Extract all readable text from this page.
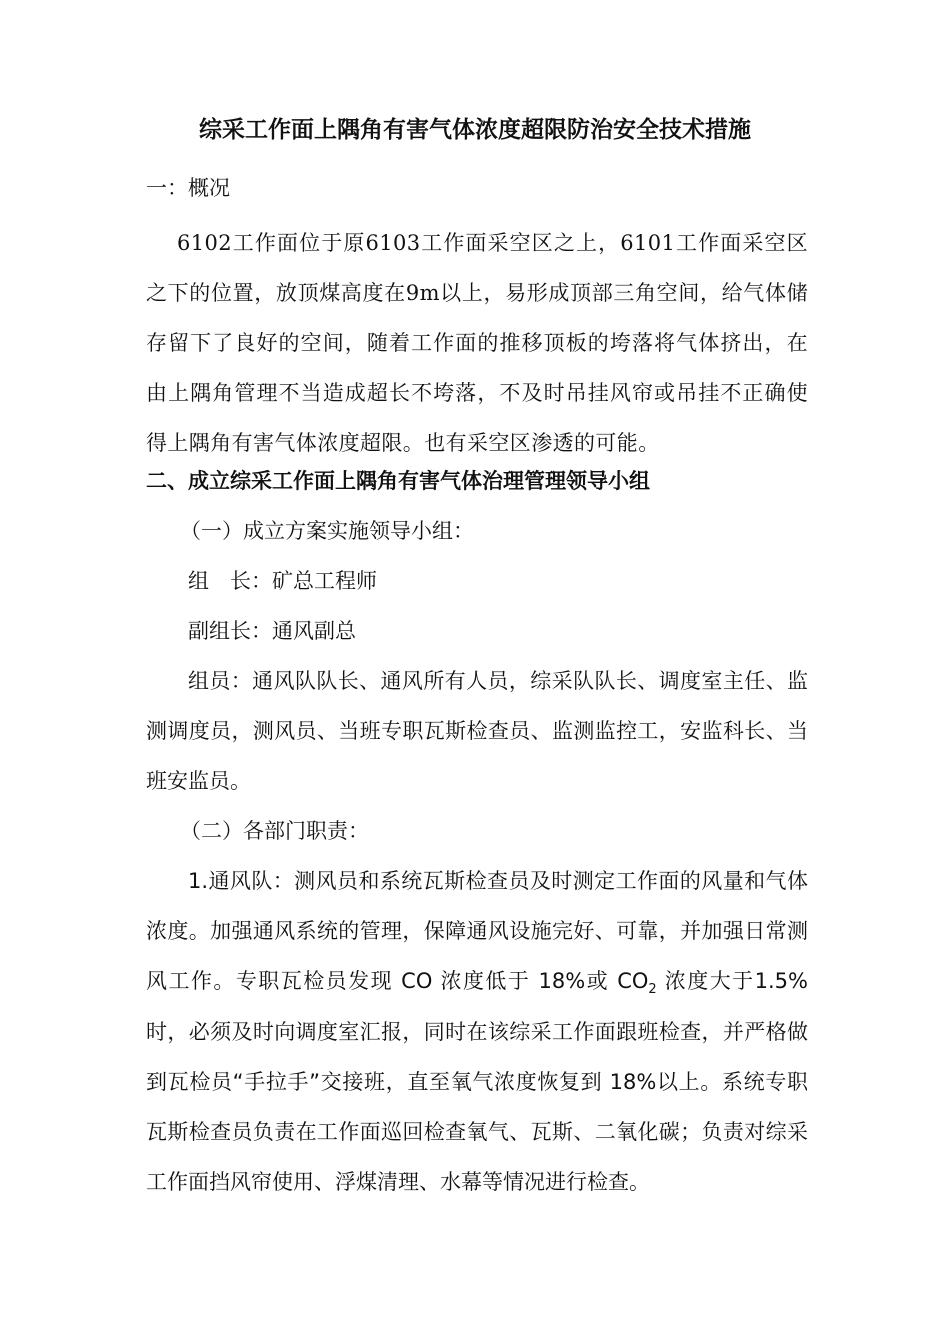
综采工作面上隅角有害气体浓度超限防治安全技术措施
一：概况
6102工作面位于原6103工作面采空区之上，6101工作面采空区之下的位置，放顶煤高度在9m以上，易形成顶部三角空间，给气体储存留下了良好的空间，随着工作面的推移顶板的垮落将气体挤出，在由上隅角管理不当造成超长不垮落，不及时吊挂风帘或吊挂不正确使得上隅角有害气体浓度超限。也有采空区渗透的可能。
二、成立综采工作面上隅角有害气体治理管理领导小组
（一）成立方案实施领导小组：
组　长：矿总工程师
副组长：通风副总
组员：通风队队长、通风所有人员，综采队队长、调度室主任、监测调度员，测风员、当班专职瓦斯检查员、监测监控工，安监科长、当班安监员。
（二）各部门职责：
1.通风队：测风员和系统瓦斯检查员及时测定工作面的风量和气体浓度。加强通风系统的管理，保障通风设施完好、可靠，并加强日常测风工作。专职瓦检员发现 CO 浓度低于 18%或 $CO_2$ 浓度大于1.5%时，必须及时向调度室汇报，同时在该综采工作面跟班检查，并严格做到瓦检员“手拉手”交接班，直至氧气浓度恢复到 18%以上。系统专职瓦斯检查员负责在工作面巡回检查氧气、瓦斯、二氧化碳；负责对综采工作面挡风帘使用、浮煤清理、水幕等情况进行检查。
